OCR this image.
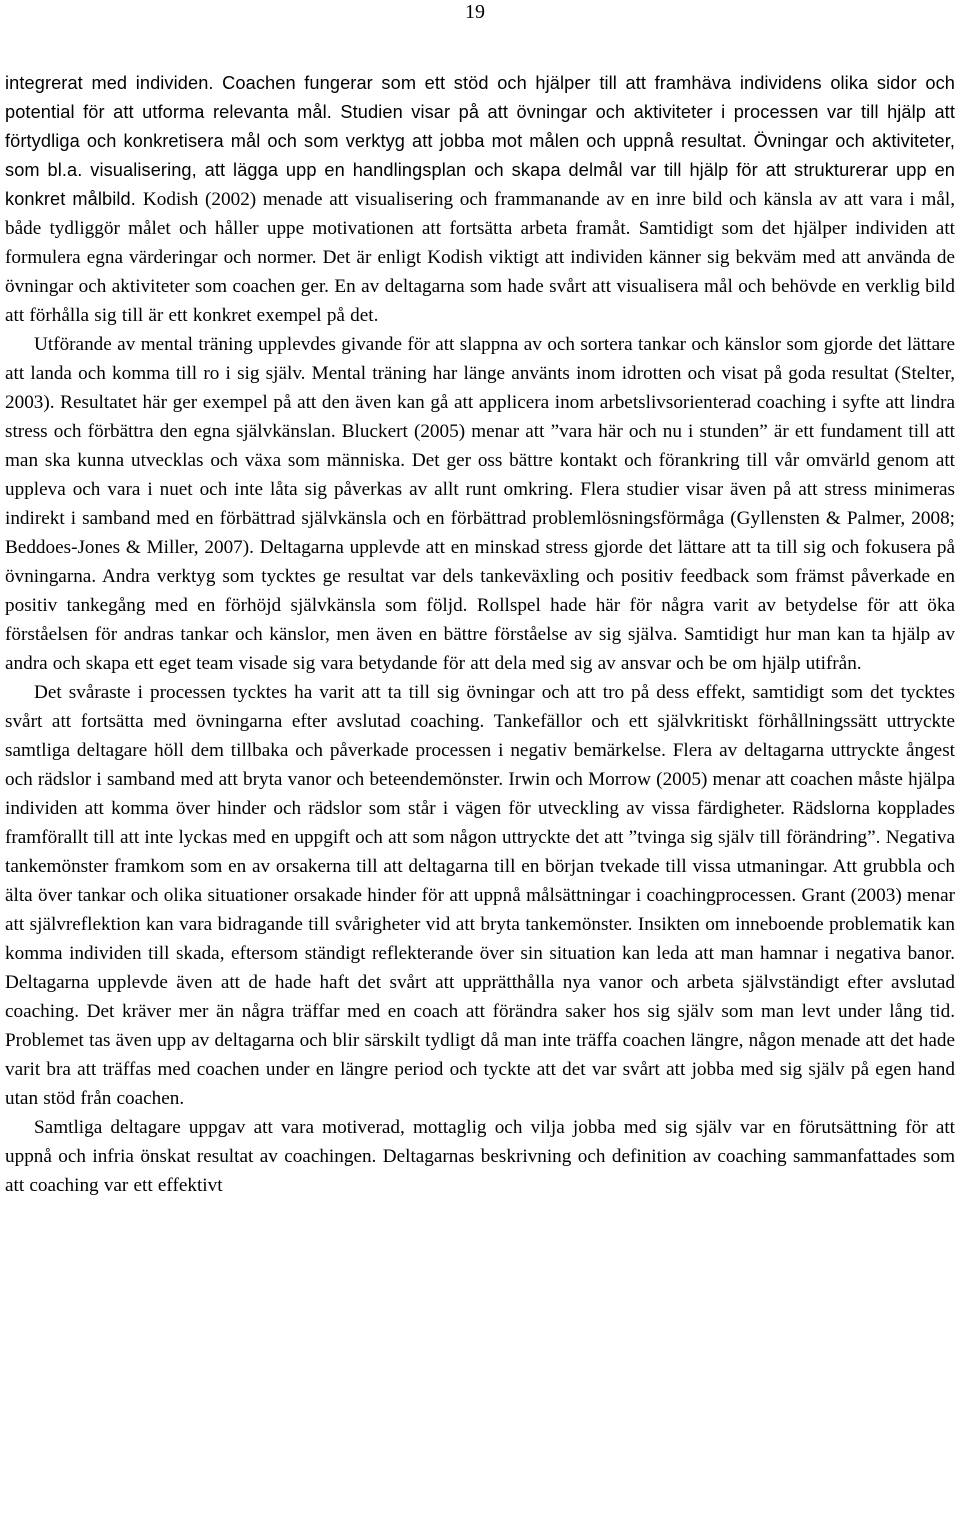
19

integrerat med individen. Coachen fungerar som ett stöd och hjälper till att framhäva individens olika sidor och potential för att utforma relevanta mål. Studien visar på att övningar och aktiviteter i processen var till hjälp att förtydliga och konkretisera mål och som verktyg att jobba mot målen och uppnå resultat. Övningar och aktiviteter, som bl.a. visualisering, att lägga upp en handlingsplan och skapa delmål var till hjälp för att strukturerar upp en konkret målbild. Kodish (2002) menade att visualisering och frammanande av en inre bild och känsla av att vara i mål, både tydliggör målet och håller uppe motivationen att fortsätta arbeta framåt. Samtidigt som det hjälper individen att formulera egna värderingar och normer. Det är enligt Kodish viktigt att individen känner sig bekväm med att använda de övningar och aktiviteter som coachen ger. En av deltagarna som hade svårt att visualisera mål och behövde en verklig bild att förhålla sig till är ett konkret exempel på det.

Utförande av mental träning upplevdes givande för att slappna av och sortera tankar och känslor som gjorde det lättare att landa och komma till ro i sig själv. Mental träning har länge använts inom idrotten och visat på goda resultat (Stelter, 2003). Resultatet här ger exempel på att den även kan gå att applicera inom arbetslivsorienterad coaching i syfte att lindra stress och förbättra den egna självkänslan. Bluckert (2005) menar att ”vara här och nu i stunden” är ett fundament till att man ska kunna utvecklas och växa som människa. Det ger oss bättre kontakt och förankring till vår omvärld genom att uppleva och vara i nuet och inte låta sig påverkas av allt runt omkring. Flera studier visar även på att stress minimeras indirekt i samband med en förbättrad självkänsla och en förbättrad problemlösningsförmåga (Gyllensten & Palmer, 2008; Beddoes-Jones & Miller, 2007). Deltagarna upplevde att en minskad stress gjorde det lättare att ta till sig och fokusera på övningarna. Andra verktyg som tycktes ge resultat var dels tankeväxling och positiv feedback som främst påverkade en positiv tankegång med en förhöjd självkänsla som följd. Rollspel hade här för några varit av betydelse för att öka förståelsen för andras tankar och känslor, men även en bättre förståelse av sig själva. Samtidigt hur man kan ta hjälp av andra och skapa ett eget team visade sig vara betydande för att dela med sig av ansvar och be om hjälp utifrån.

Det svåraste i processen tycktes ha varit att ta till sig övningar och att tro på dess effekt, samtidigt som det tycktes svårt att fortsätta med övningarna efter avslutad coaching. Tankefällor och ett självkritiskt förhållningssätt uttryckte samtliga deltagare höll dem tillbaka och påverkade processen i negativ bemärkelse. Flera av deltagarna uttryckte ångest och rädslor i samband med att bryta vanor och beteendemönster. Irwin och Morrow (2005) menar att coachen måste hjälpa individen att komma över hinder och rädslor som står i vägen för utveckling av vissa färdigheter. Rädslorna kopplades framförallt till att inte lyckas med en uppgift och att som någon uttryckte det att ”tvinga sig själv till förändring”. Negativa tankemönster framkom som en av orsakerna till att deltagarna till en början tvekade till vissa utmaningar. Att grubbla och älta över tankar och olika situationer orsakade hinder för att uppnå målsättningar i coachingprocessen. Grant (2003) menar att självreflektion kan vara bidragande till svårigheter vid att bryta tankemönster. Insikten om inneboende problematik kan komma individen till skada, eftersom ständigt reflekterande över sin situation kan leda att man hamnar i negativa banor. Deltagarna upplevde även att de hade haft det svårt att upprätthålla nya vanor och arbeta självständigt efter avslutad coaching. Det kräver mer än några träffar med en coach att förändra saker hos sig själv som man levt under lång tid. Problemet tas även upp av deltagarna och blir särskilt tydligt då man inte träffa coachen längre, någon menade att det hade varit bra att träffas med coachen under en längre period och tyckte att det var svårt att jobba med sig själv på egen hand utan stöd från coachen.

Samtliga deltagare uppgav att vara motiverad, mottaglig och vilja jobba med sig själv var en förutsättning för att uppnå och infria önskat resultat av coachingen. Deltagarnas beskrivning och definition av coaching sammanfattades som att coaching var ett effektivt
